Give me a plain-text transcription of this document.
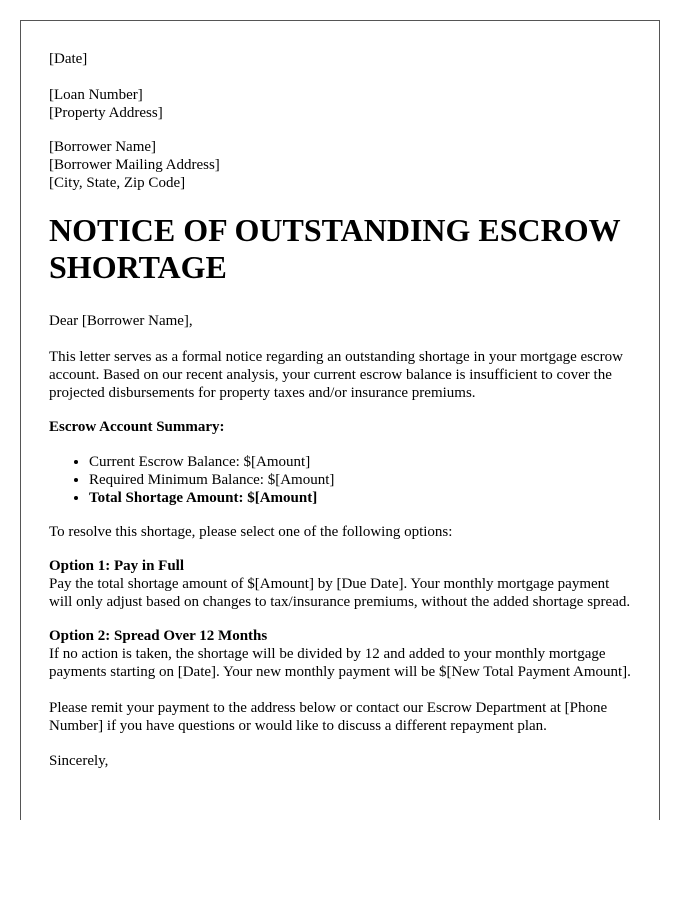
[Date]
[Loan Number]
[Property Address]
[Borrower Name]
[Borrower Mailing Address]
[City, State, Zip Code]
NOTICE OF OUTSTANDING ESCROW SHORTAGE

Dear [Borrower Name],

This letter serves as a formal notice regarding an outstanding shortage in your mortgage escrow account. Based on our recent analysis, your current escrow balance is insufficient to cover the projected disbursements for property taxes and/or insurance premiums.

Escrow Account Summary:

• Current Escrow Balance: $[Amount]
• Required Minimum Balance: $[Amount]
• Total Shortage Amount: $[Amount]

To resolve this shortage, please select one of the following options:

Option 1: Pay in Full
Pay the total shortage amount of $[Amount] by [Due Date]. Your monthly mortgage payment will only adjust based on changes to tax/insurance premiums, without the added shortage spread.
Option 2: Spread Over 12 Months
If no action is taken, the shortage will be divided by 12 and added to your monthly mortgage payments starting on [Date]. Your new monthly payment will be $[New Total Payment Amount].

Please remit your payment to the address below or contact our Escrow Department at [Phone Number] if you have questions or would like to discuss a different repayment plan.

Sincerely,
